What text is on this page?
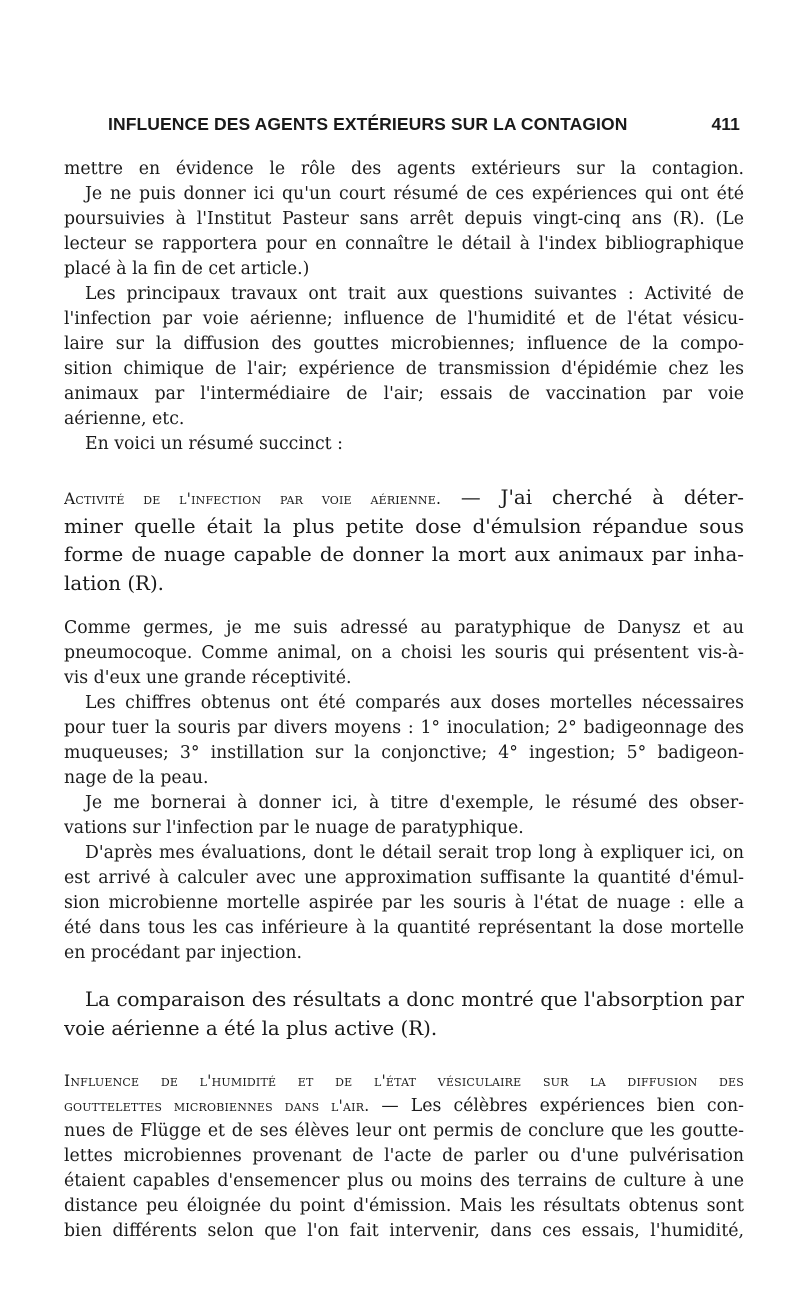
INFLUENCE DES AGENTS EXTÉRIEURS SUR LA CONTAGION	411
mettre en évidence le rôle des agents extérieurs sur la contagion.
Je ne puis donner ici qu'un court résumé de ces expériences qui ont été
poursuivies à l'Institut Pasteur sans arrêt depuis vingt-cinq ans (R). (Le
lecteur se rapportera pour en connaître le détail à l'index bibliographique
placé à la fin de cet article.)
Les principaux travaux ont trait aux questions suivantes : Activité de
l'infection par voie aérienne; influence de l'humidité et de l'état vésicu-
laire sur la diffusion des gouttes microbiennes; influence de la compo-
sition chimique de l'air; expérience de transmission d'épidémie chez les
animaux par l'intermédiaire de l'air; essais de vaccination par voie
aérienne, etc.
En voici un résumé succinct :
Activité de l'infection par voie aérienne. — J'ai cherché à déter-
miner quelle était la plus petite dose d'émulsion répandue sous
forme de nuage capable de donner la mort aux animaux par inha-
lation (R).
Comme germes, je me suis adressé au paratyphique de Danysz et au
pneumocoque. Comme animal, on a choisi les souris qui présentent vis-à-
vis d'eux une grande réceptivité.
Les chiffres obtenus ont été comparés aux doses mortelles nécessaires
pour tuer la souris par divers moyens : 1° inoculation; 2° badigeonnage des
muqueuses; 3° instillation sur la conjonctive; 4° ingestion; 5° badigeon-
nage de la peau.
Je me bornerai à donner ici, à titre d'exemple, le résumé des obser-
vations sur l'infection par le nuage de paratyphique.
D'après mes évaluations, dont le détail serait trop long à expliquer ici, on
est arrivé à calculer avec une approximation suffisante la quantité d'émul-
sion microbienne mortelle aspirée par les souris à l'état de nuage : elle a
été dans tous les cas inférieure à la quantité représentant la dose mortelle
en procédant par injection.
La comparaison des résultats a donc montré que l'absorption par
voie aérienne a été la plus active (R).
Influence de l'humidité et de l'état vésiculaire sur la diffusion des
gouttelettes microbiennes dans l'air. — Les célèbres expériences bien con-
nues de Flügge et de ses élèves leur ont permis de conclure que les goutte-
lettes microbiennes provenant de l'acte de parler ou d'une pulvérisation
étaient capables d'ensemencer plus ou moins des terrains de culture à une
distance peu éloignée du point d'émission. Mais les résultats obtenus sont
bien différents selon que l'on fait intervenir, dans ces essais, l'humidité,
